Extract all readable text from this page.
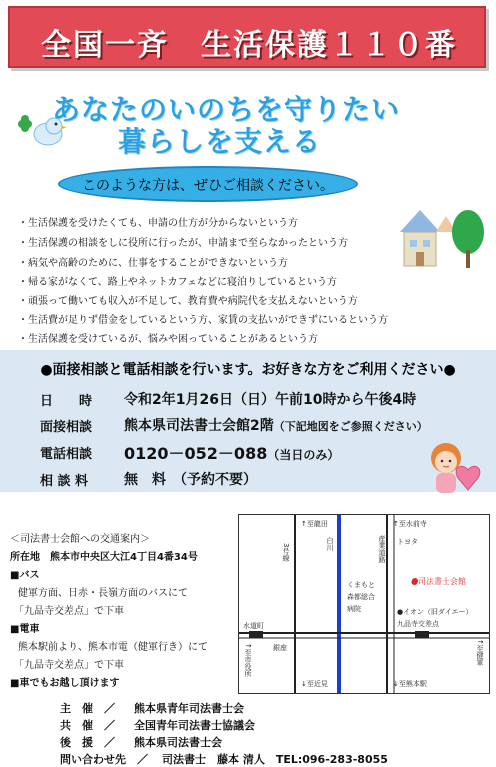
全国一斉　生活保護１１０番
あなたのいのちを守りたい
暮らしを支える
このような方は、ぜひご相談ください。
・生活保護を受けたくても、申請の仕方が分からないという方
・生活保護の相談をしに役所に行ったが、申請まで至らなかったという方
・病気や高齢のために、仕事をすることができないという方
・帰る家がなくて、路上やネットカフェなどに寝泊りしているという方
・頑張って働いても収入が不足して、教育費や病院代を支払えないという方
・生活費が足りず借金をしているという方、家賃の支払いができずにいるという方
・生活保護を受けているが、悩みや困っていることがあるという方
●面接相談と電話相談を行います。お好きな方をご利用ください●
日　　時 令和2年1月26日（日）午前10時から午後4時
面接相談 熊本県司法書士会館2階（下記地図をご参照ください）
電話相談 0120－052－088（当日のみ）
相 談 料	無　料　（予約不要）
＜司法書士会館への交通案内＞
所在地　熊本市中央区大江4丁目4番34号
■バス
健軍方面、日赤・長嶺方面のバスにて
「九品寺交差点」で下車
■電車
熊本駅前より、熊本市電（健軍行き）にて
「九品寺交差点」で下車
■車でもお越し頂けます
↑至龍田	↑至水前寺
3号線	白川	産業道路 トヨタ
くまもと森都総合病院
●司法書士会館
●イオン（旧ダイエー）
九品寺交差点
水道町
↑至市役所	銀座	↑至健軍
↓至近見	↓至熊本駅
主　催　／ 熊本県青年司法書士会
共　催　／ 全国青年司法書士協議会
後　援　／ 熊本県司法書士会
問い合わせ先　／ 司法書士　藤本 清人　TEL:096-283-8055
